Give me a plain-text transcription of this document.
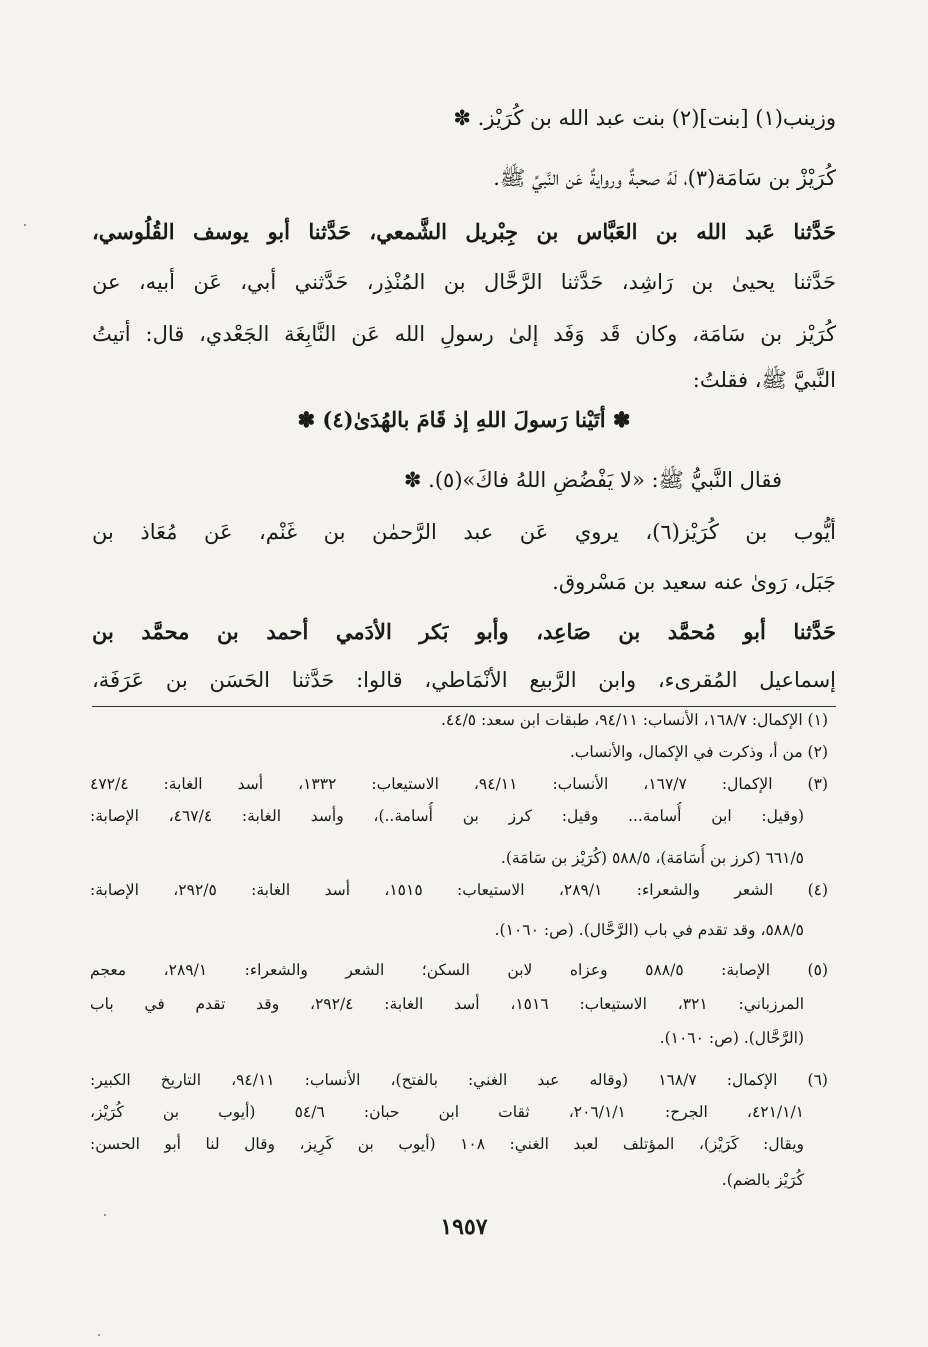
وزينب(١) [بنت](٢) بنت عبد الله بن كُرَيْز. ✽
كُرَيْزْ بن سَامَة(٣)، لَهُ صحبةٌ وروايةٌ عَن النَّبيِّ ﷺ.
حَدَّثنا عَبد الله بن العَبَّاس بن جِبْريل الشَّمعي، حَدَّثنا أبو يوسف القُلُوسي،
حَدَّثنا يحيىٰ بن رَاشِد، حَدَّثنا الرَّحَّال بن المُنْذِر، حَدَّثني أبي، عَن أبيه، عن
كُرَيْز بن سَامَة، وكان قَد وَفَد إلىٰ رسولِ الله عَن النَّابِغَة الجَعْدي، قال: أتيتُ
النَّبيَّ ﷺ، فقلتُ:
✽ أتَيْنا رَسولَ اللهِ إذ قَامَ بالهُدَىٰ(٤) ✽
فقال النَّبيُّ ﷺ: «لا يَفْضُضِ اللهُ فاكَ»(٥). ✽
أيُّوب بن كُرَيْز(٦)، يروي عَن عبد الرَّحمٰن بن غَنْم، عَن مُعَاذ بن
جَبَل، رَوىٰ عنه سعيد بن مَسْروق.
حَدَّثنا أبو مُحمَّد بن صَاعِد، وأبو بَكر الأدَمي أحمد بن محمَّد بن
إسماعيل المُقرىء، وابن الرَّبيع الأنْمَاطي، قالوا: حَدَّثنا الحَسَن بن عَرَفَة،
(١) الإكمال: ١٦٨/٧، الأنساب: ٩٤/١١، طبقات ابن سعد: ٤٤/٥.
(٢) من أ، وذكرت في الإكمال، والأنساب.
(٣) الإكمال: ١٦٧/٧، الأنساب: ٩٤/١١، الاستيعاب: ١٣٣٢، أسد الغابة: ٤٧٢/٤
(وقيل: ابن أُسامة... وقيل: كرز بن أُسامة..)، وأسد الغابة: ٤٦٧/٤، الإصابة:
٦٦١/٥ (كرز بن أُسَامَة)، ٥٨٨/٥ (كُرَيْز بن سَامَة).
(٤) الشعر والشعراء: ٢٨٩/١، الاستيعاب: ١٥١٥، أسد الغابة: ٢٩٢/٥، الإصابة:
٥٨٨/٥، وقد تقدم في باب (الرَّحَّال). (ص: ١٠٦٠).
(٥) الإصابة: ٥٨٨/٥ وعزاه لابن السكن؛ الشعر والشعراء: ٢٨٩/١، معجم
المرزباني: ٣٢١، الاستيعاب: ١٥١٦، أسد الغابة: ٢٩٢/٤، وقد تقدم في باب
(الرَّحَّال). (ص: ١٠٦٠).
(٦) الإكمال: ١٦٨/٧ (وقاله عبد الغني: بالفتح)، الأنساب: ٩٤/١١، التاريخ الكبير:
٤٢١/١/١، الجرح: ٢٠٦/١/١، ثقات ابن حبان: ٥٤/٦ (أيوب بن كُرَيْز،
ويقال: كَرَيْز)، المؤتلف لعبد الغني: ١٠٨ (أيوب بن كَرِيز، وقال لنا أبو الحسن:
كُرَيْز بالضم).
١٩٥٧
